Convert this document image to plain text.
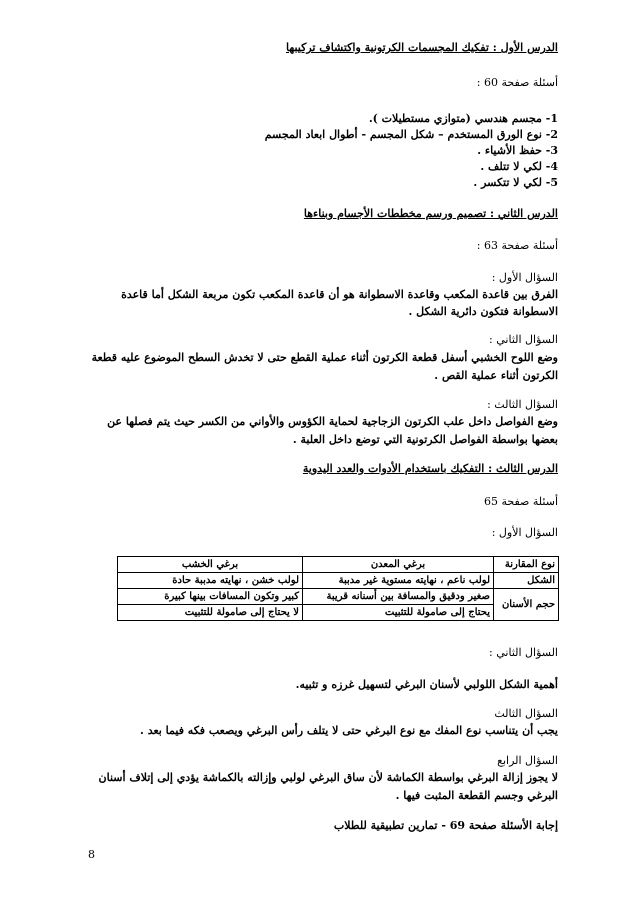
الدرس الأول : تفكيك المجسمات الكرتونية واكتشاف تركيبها

أسئلة صفحة 60 :

1- مجسم هندسي (متوازي مستطيلات ).

2- نوع الورق المستخدم – شكل المجسم - أطوال ابعاد المجسم

3- حفظ الأشياء .

4- لكي لا تتلف .

5- لكي لا تتكسر .

الدرس الثاني : تصميم ورسم مخططات الأجسام وبناءها

أسئلة صفحة 63 :

السؤال الأول :

الفرق بين قاعدة المكعب وقاعدة الاسطوانة هو أن قاعدة المكعب تكون مربعة الشكل أما قاعدة

الاسطوانة فتكون دائرية الشكل .

السؤال الثاني :

وضع اللوح الخشبي أسفل قطعة الكرتون أثناء عملية القطع حتى لا تخدش السطح الموضوع عليه قطعة

الكرتون أثناء عملية القص .

السؤال الثالث :

وضع الفواصل داخل علب الكرتون الزجاجية لحماية الكؤوس والأواني من الكسر حيث يتم فصلها عن

بعضها بواسطة الفواصل الكرتونية التي توضع داخل العلبة .

الدرس الثالث : التفكيك باستخدام الأدوات والعدد اليدوية

أسئلة صفحة 65

السؤال الأول :

نوع المقارنة	برغي المعدن	برغي الخشب
الشكل	لولب ناعم ، نهايته مستوية غير مدببة	لولب خشن ، نهايته مدببة حادة
حجم الأسنان	صغير ودقيق والمسافة بين أسنانه قريبة	كبير وتكون المسافات بينها كبيرة
	يحتاج إلى صامولة للتثبيت	لا يحتاج إلى صامولة للتثبيت

السؤال الثاني :

أهمية الشكل اللولبي لأسنان البرغي لتسهيل غرزه و تثبيه.

السؤال الثالث

يجب أن يتناسب نوع المفك مع نوع البرغي حتى لا يتلف رأس البرغي ويصعب فكه فيما بعد .

السؤال الرابع

لا يجوز إزالة البرغي بواسطة الكماشة لأن ساق البرغي لولبي وإزالته بالكماشة يؤدي إلى إتلاف أسنان

البرغي وجسم القطعة المثبت فيها .

إجابة الأسئلة صفحة 69 - تمارين تطبيقية للطلاب

8
